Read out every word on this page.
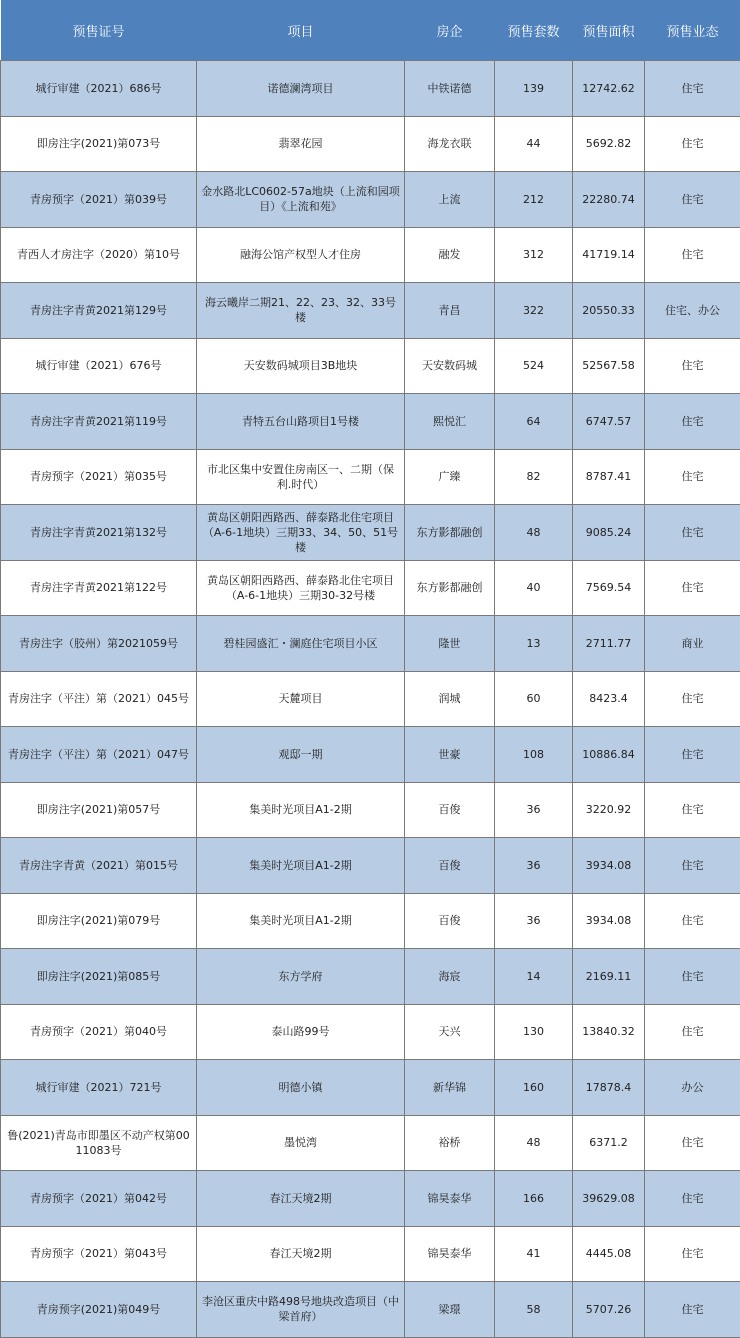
预售证号	项目	房企	预售套数	预售面积	预售业态
城行审建（2021）686号	诺德澜湾项目	中铁诺德	139	12742.62	住宅
即房注字(2021)第073号	翡翠花园	海龙衣联	44	5692.82	住宅
青房预字（2021）第039号	金水路北LC0602-57a地块（上流和园项目）《上流和苑》	上流	212	22280.74	住宅
青西人才房注字（2020）第10号	融海公馆产权型人才住房	融发	312	41719.14	住宅
青房注字青黄2021第129号	海云曦岸二期21、22、23、32、33号楼	青昌	322	20550.33	住宅、办公
城行审建（2021）676号	天安数码城项目3B地块	天安数码城	524	52567.58	住宅
青房注字青黄2021第119号	青特五台山路项目1号楼	熙悦汇	64	6747.57	住宅
青房预字（2021）第035号	市北区集中安置住房南区一、二期（保利.时代）	广臻	82	8787.41	住宅
青房注字青黄2021第132号	黄岛区朝阳西路西、薛泰路北住宅项目（A-6-1地块）三期33、34、50、51号楼	东方影都融创	48	9085.24	住宅
青房注字青黄2021第122号	黄岛区朝阳西路西、薛泰路北住宅项目（A-6-1地块）三期30-32号楼	东方影都融创	40	7569.54	住宅
青房注字（胶州）第2021059号	碧桂园盛汇・澜庭住宅项目小区	隆世	13	2711.77	商业
青房注字（平注）第（2021）045号	天麓项目	润城	60	8423.4	住宅
青房注字（平注）第（2021）047号	观邸一期	世豪	108	10886.84	住宅
即房注字(2021)第057号	集美时光项目A1-2期	百俊	36	3220.92	住宅
青房注字青黄（2021）第015号	集美时光项目A1-2期	百俊	36	3934.08	住宅
即房注字(2021)第079号	集美时光项目A1-2期	百俊	36	3934.08	住宅
即房注字(2021)第085号	东方学府	海宸	14	2169.11	住宅
青房预字（2021）第040号	泰山路99号	天兴	130	13840.32	住宅
城行审建（2021）721号	明德小镇	新华锦	160	17878.4	办公
鲁(2021)青岛市即墨区不动产权第0011083号	墨悦湾	裕桥	48	6371.2	住宅
青房预字（2021）第042号	春江天境2期	锦昊泰华	166	39629.08	住宅
青房预字（2021）第043号	春江天境2期	锦昊泰华	41	4445.08	住宅
青房预字(2021)第049号	李沧区重庆中路498号地块改造项目（中梁首府）	梁璟	58	5707.26	住宅
